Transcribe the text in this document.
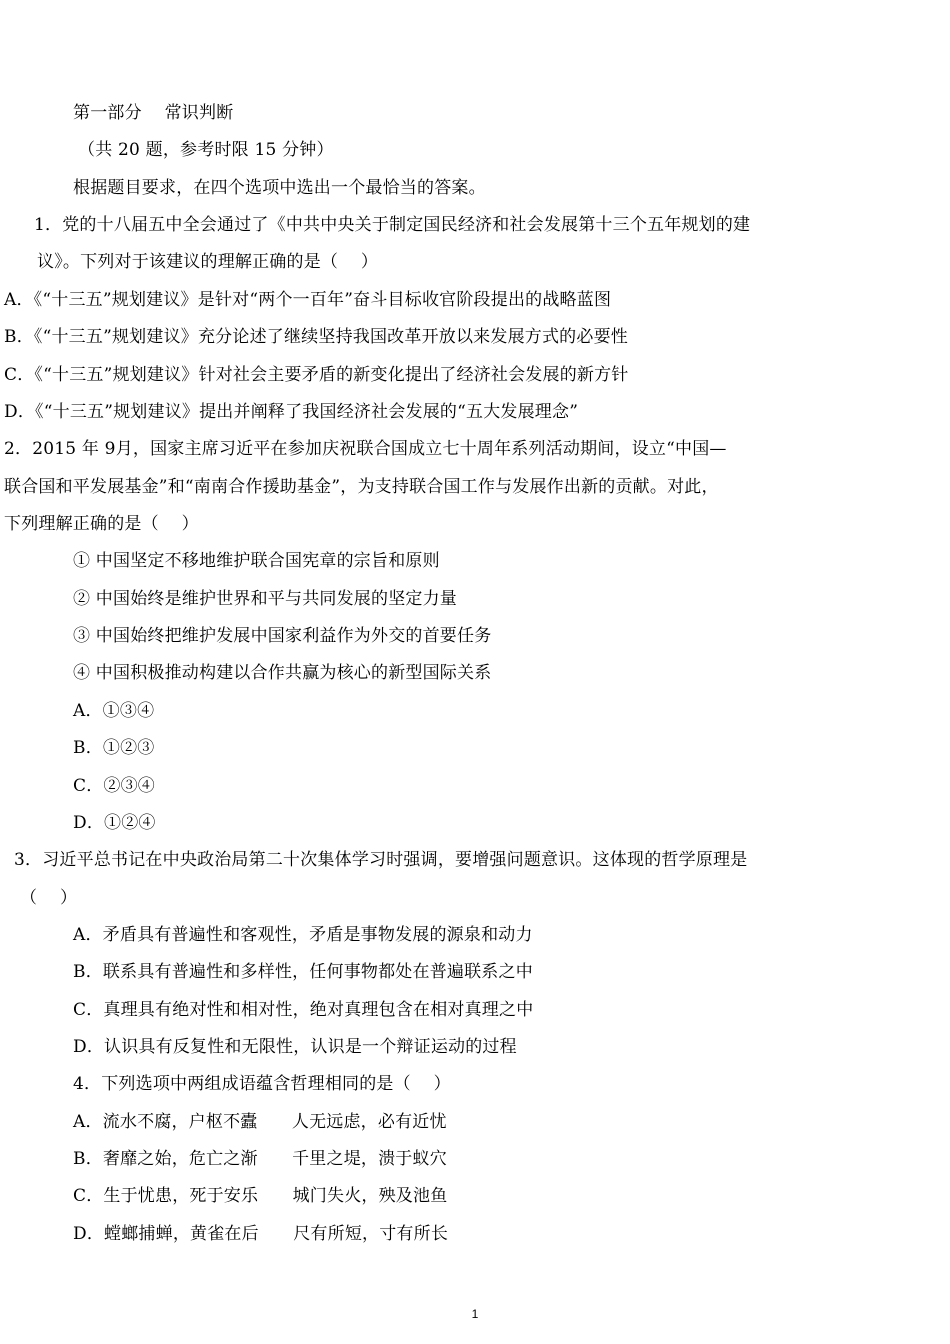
第一部分　 常识判断
（共 20 题，参考时限 15 分钟）
根据题目要求，在四个选项中选出一个最恰当的答案。
1．党的十八届五中全会通过了《中共中央关于制定国民经济和社会发展第十三个五年规划的建
议》。下列对于该建议的理解正确的是（　 ）
A．《“十三五”规划建议》是针对“两个一百年”奋斗目标收官阶段提出的战略蓝图
B．《“十三五”规划建议》充分论述了继续坚持我国改革开放以来发展方式的必要性
C．《“十三五”规划建议》针对社会主要矛盾的新变化提出了经济社会发展的新方针
D．《“十三五”规划建议》提出并阐释了我国经济社会发展的“五大发展理念”
2．2015 年 9月，国家主席习近平在参加庆祝联合国成立七十周年系列活动期间，设立“中国—
联合国和平发展基金”和“南南合作援助基金”，为支持联合国工作与发展作出新的贡献。对此，
下列理解正确的是（　 ）
① 中国坚定不移地维护联合国宪章的宗旨和原则
② 中国始终是维护世界和平与共同发展的坚定力量
③ 中国始终把维护发展中国家利益作为外交的首要任务
④ 中国积极推动构建以合作共赢为核心的新型国际关系
A．①③④
B．①②③
C．②③④
D．①②④
3．习近平总书记在中央政治局第二十次集体学习时强调，要增强问题意识。这体现的哲学原理是
（　 ）
A．矛盾具有普遍性和客观性，矛盾是事物发展的源泉和动力
B．联系具有普遍性和多样性，任何事物都处在普遍联系之中
C．真理具有绝对性和相对性，绝对真理包含在相对真理之中
D．认识具有反复性和无限性，认识是一个辩证运动的过程
4．下列选项中两组成语蕴含哲理相同的是（　 ）
A．流水不腐，户枢不蠹　　人无远虑，必有近忧
B．奢靡之始，危亡之渐　　千里之堤，溃于蚁穴
C．生于忧患，死于安乐　　城门失火，殃及池鱼
D．螳螂捕蝉，黄雀在后　　尺有所短，寸有所长
1
